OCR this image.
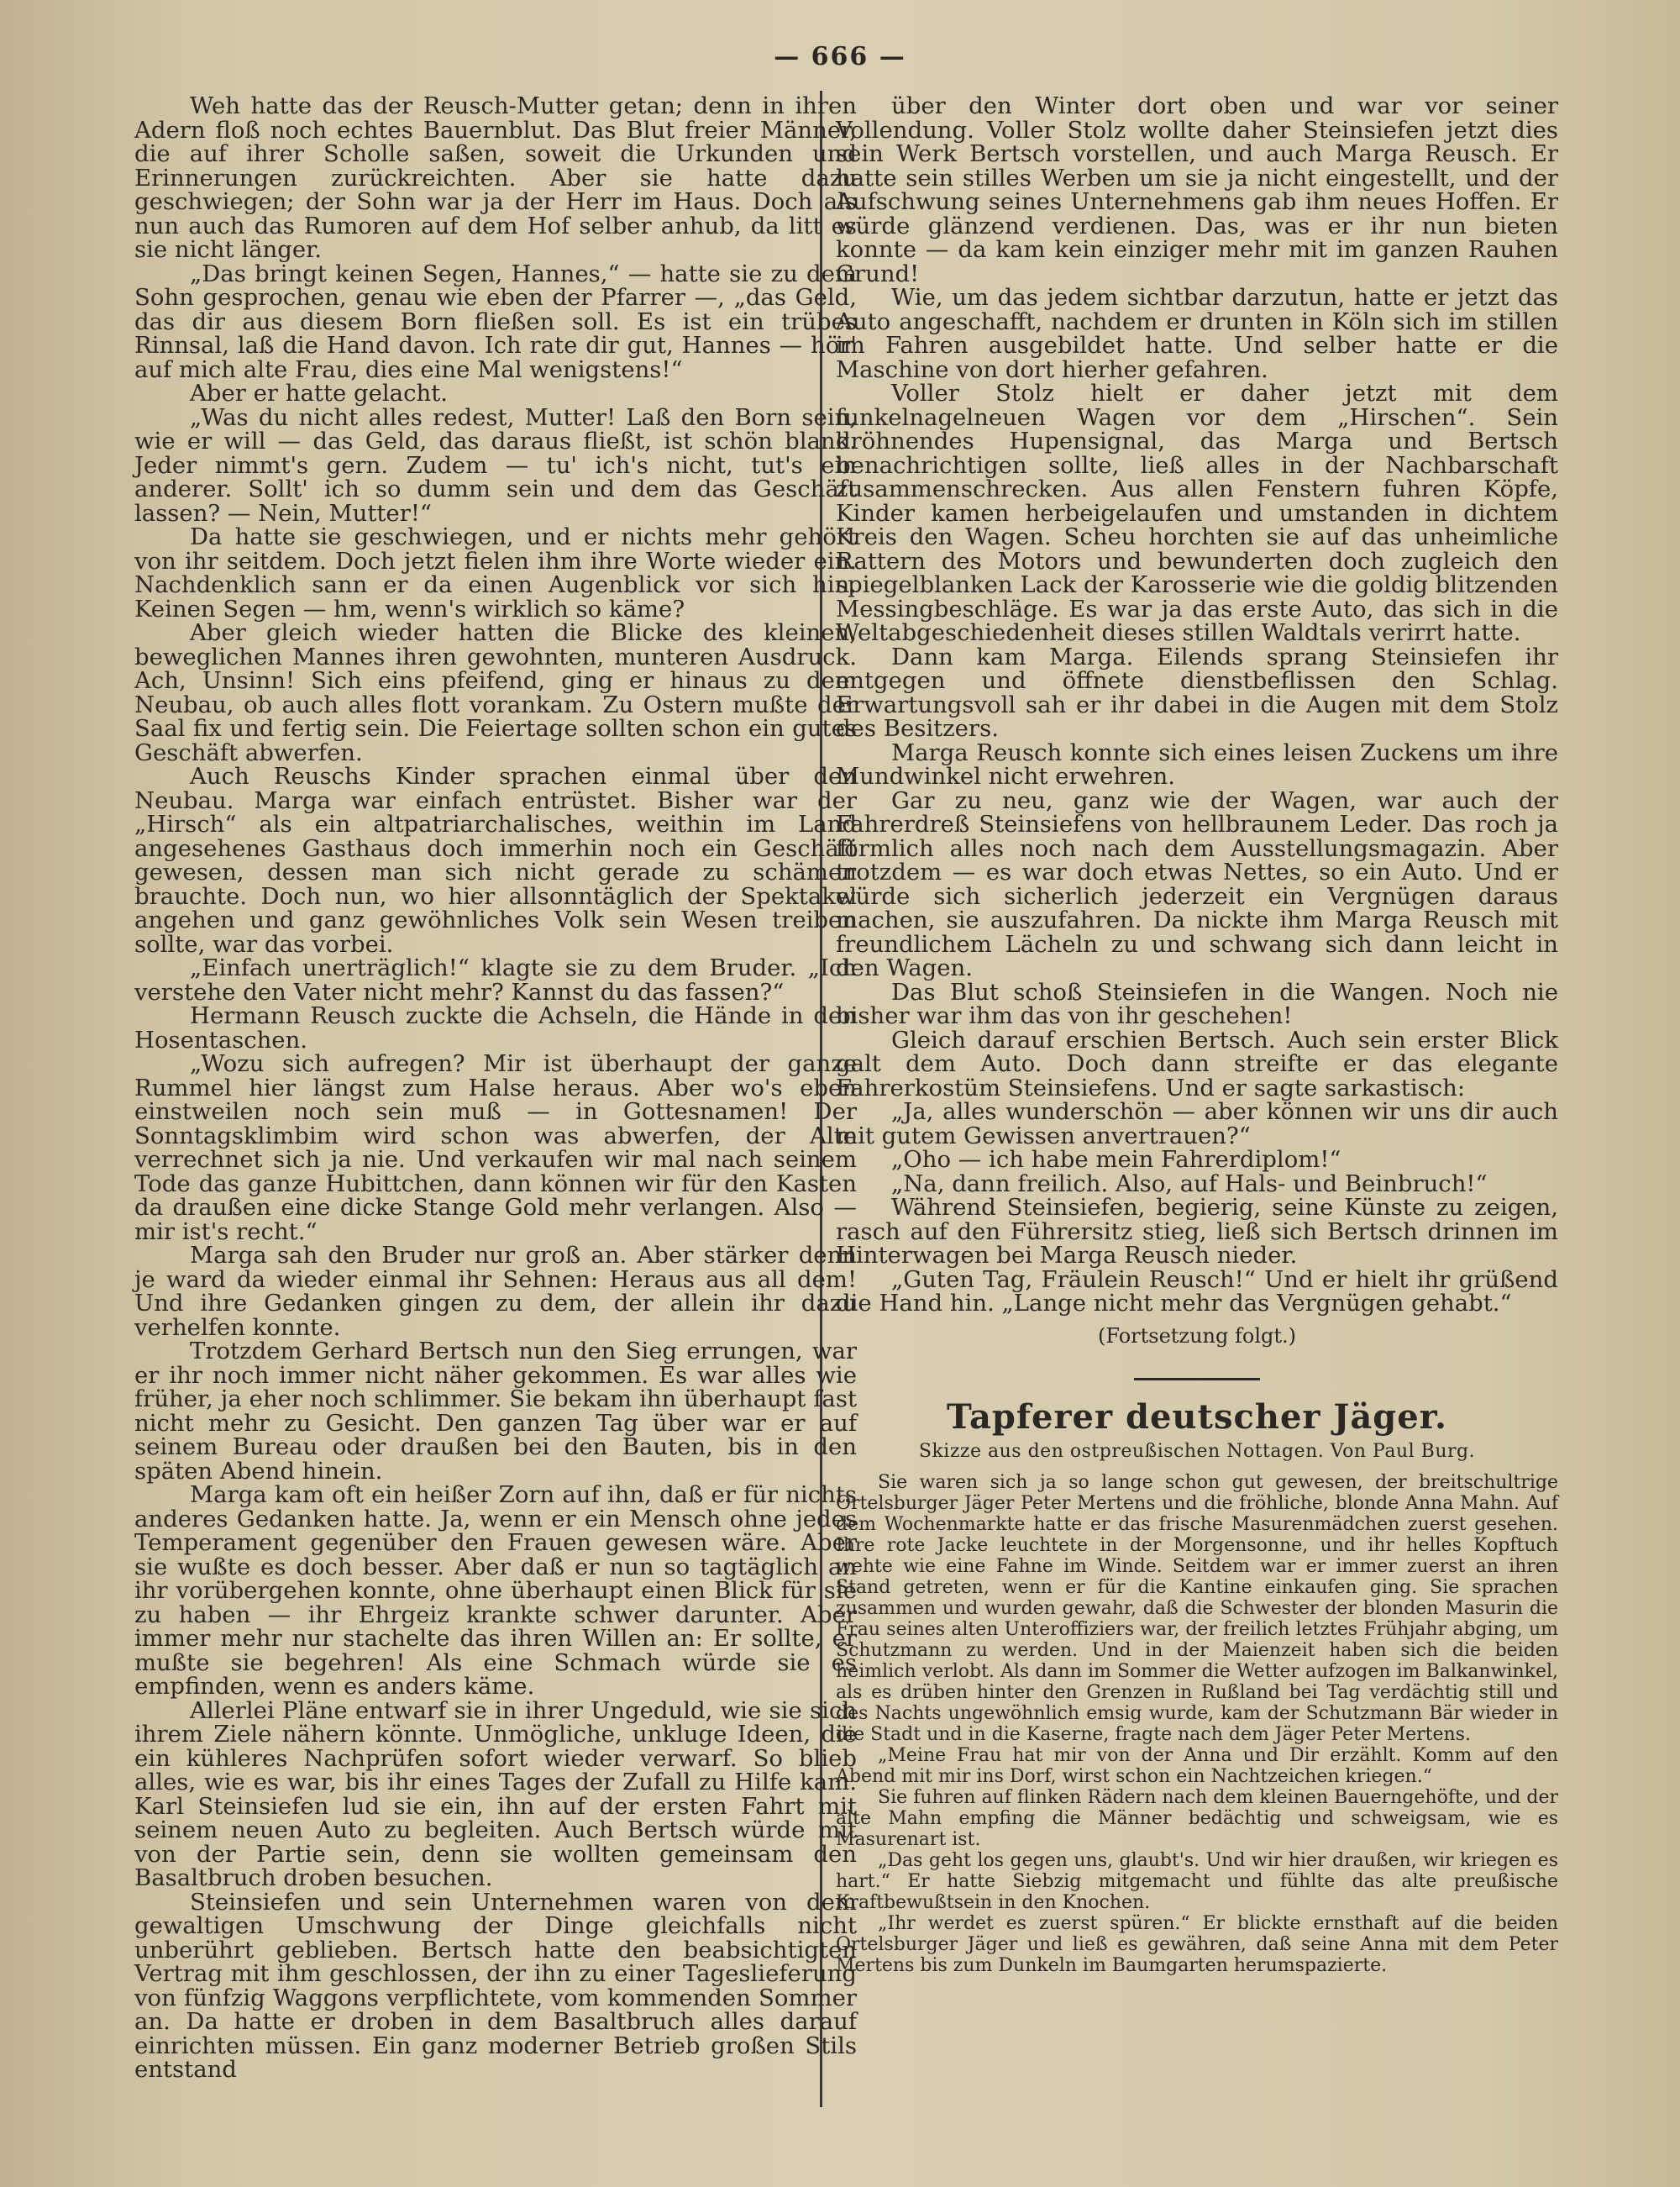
— 666 —

Weh hatte das der Reusch-Mutter getan; denn in ihren Adern floß noch echtes Bauernblut. Das Blut freier Männer, die auf ihrer Scholle saßen, soweit die Urkunden und Erinnerungen zurückreichten. Aber sie hatte dazu geschwiegen; der Sohn war ja der Herr im Haus. Doch als nun auch das Rumoren auf dem Hof selber anhub, da litt es sie nicht länger.

„Das bringt keinen Segen, Hannes,“ — hatte sie zu dem Sohn gesprochen, genau wie eben der Pfarrer —, „das Geld, das dir aus diesem Born fließen soll. Es ist ein trübes Rinnsal, laß die Hand davon. Ich rate dir gut, Hannes — hör' auf mich alte Frau, dies eine Mal wenigstens!“

Aber er hatte gelacht.

„Was du nicht alles redest, Mutter! Laß den Born sein, wie er will — das Geld, das daraus fließt, ist schön blank. Jeder nimmt's gern. Zudem — tu' ich's nicht, tut's ein anderer. Sollt' ich so dumm sein und dem das Geschäft lassen? — Nein, Mutter!“

Da hatte sie geschwiegen, und er nichts mehr gehört von ihr seitdem. Doch jetzt fielen ihm ihre Worte wieder ein. Nachdenklich sann er da einen Augenblick vor sich hin. Keinen Segen — hm, wenn's wirklich so käme?

Aber gleich wieder hatten die Blicke des kleinen, beweglichen Mannes ihren gewohnten, munteren Ausdruck. Ach, Unsinn! Sich eins pfeifend, ging er hinaus zu dem Neubau, ob auch alles flott vorankam. Zu Ostern mußte der Saal fix und fertig sein. Die Feiertage sollten schon ein gutes Geschäft abwerfen.

Auch Reuschs Kinder sprachen einmal über den Neubau. Marga war einfach entrüstet. Bisher war der „Hirsch“ als ein altpatriarchalisches, weithin im Land angesehenes Gasthaus doch immerhin noch ein Geschäft gewesen, dessen man sich nicht gerade zu schämen brauchte. Doch nun, wo hier allsonntäglich der Spektakel angehen und ganz gewöhnliches Volk sein Wesen treiben sollte, war das vorbei.

„Einfach unerträglich!“ klagte sie zu dem Bruder. „Ich verstehe den Vater nicht mehr? Kannst du das fassen?“

Hermann Reusch zuckte die Achseln, die Hände in den Hosentaschen.

„Wozu sich aufregen? Mir ist überhaupt der ganze Rummel hier längst zum Halse heraus. Aber wo's eben einstweilen noch sein muß — in Gottesnamen! Der Sonntagsklimbim wird schon was abwerfen, der Alte verrechnet sich ja nie. Und verkaufen wir mal nach seinem Tode das ganze Hubittchen, dann können wir für den Kasten da draußen eine dicke Stange Gold mehr verlangen. Also — mir ist's recht.“

Marga sah den Bruder nur groß an. Aber stärker denn je ward da wieder einmal ihr Sehnen: Heraus aus all dem! Und ihre Gedanken gingen zu dem, der allein ihr dazu verhelfen konnte.

Trotzdem Gerhard Bertsch nun den Sieg errungen, war er ihr noch immer nicht näher gekommen. Es war alles wie früher, ja eher noch schlimmer. Sie bekam ihn überhaupt fast nicht mehr zu Gesicht. Den ganzen Tag über war er auf seinem Bureau oder draußen bei den Bauten, bis in den späten Abend hinein.

Marga kam oft ein heißer Zorn auf ihn, daß er für nichts anderes Gedanken hatte. Ja, wenn er ein Mensch ohne jedes Temperament gegenüber den Frauen gewesen wäre. Aber sie wußte es doch besser. Aber daß er nun so tagtäglich an ihr vorübergehen konnte, ohne überhaupt einen Blick für sie zu haben — ihr Ehrgeiz krankte schwer darunter. Aber immer mehr nur stachelte das ihren Willen an: Er sollte, er mußte sie begehren! Als eine Schmach würde sie es empfinden, wenn es anders käme.

Allerlei Pläne entwarf sie in ihrer Ungeduld, wie sie sich ihrem Ziele nähern könnte. Unmögliche, unkluge Ideen, die ein kühleres Nachprüfen sofort wieder verwarf. So blieb alles, wie es war, bis ihr eines Tages der Zufall zu Hilfe kam. Karl Steinsiefen lud sie ein, ihn auf der ersten Fahrt mit seinem neuen Auto zu begleiten. Auch Bertsch würde mit von der Partie sein, denn sie wollten gemeinsam den Basaltbruch droben besuchen.

Steinsiefen und sein Unternehmen waren von dem gewaltigen Umschwung der Dinge gleichfalls nicht unberührt geblieben. Bertsch hatte den beabsichtigten Vertrag mit ihm geschlossen, der ihn zu einer Tageslieferung von fünfzig Waggons verpflichtete, vom kommenden Sommer an. Da hatte er droben in dem Basaltbruch alles darauf einrichten müssen. Ein ganz moderner Betrieb großen Stils entstand

über den Winter dort oben und war vor seiner Vollendung. Voller Stolz wollte daher Steinsiefen jetzt dies sein Werk Bertsch vorstellen, und auch Marga Reusch. Er hatte sein stilles Werben um sie ja nicht eingestellt, und der Aufschwung seines Unternehmens gab ihm neues Hoffen. Er würde glänzend verdienen. Das, was er ihr nun bieten konnte — da kam kein einziger mehr mit im ganzen Rauhen Grund!

Wie, um das jedem sichtbar darzutun, hatte er jetzt das Auto angeschafft, nachdem er drunten in Köln sich im stillen im Fahren ausgebildet hatte. Und selber hatte er die Maschine von dort hierher gefahren.

Voller Stolz hielt er daher jetzt mit dem funkelnagelneuen Wagen vor dem „Hirschen“. Sein dröhnendes Hupensignal, das Marga und Bertsch benachrichtigen sollte, ließ alles in der Nachbarschaft zusammenschrecken. Aus allen Fenstern fuhren Köpfe, Kinder kamen herbeigelaufen und umstanden in dichtem Kreis den Wagen. Scheu horchten sie auf das unheimliche Rattern des Motors und bewunderten doch zugleich den spiegelblanken Lack der Karosserie wie die goldig blitzenden Messingbeschläge. Es war ja das erste Auto, das sich in die Weltabgeschiedenheit dieses stillen Waldtals verirrt hatte.

Dann kam Marga. Eilends sprang Steinsiefen ihr entgegen und öffnete dienstbeflissen den Schlag. Erwartungsvoll sah er ihr dabei in die Augen mit dem Stolz des Besitzers.

Marga Reusch konnte sich eines leisen Zuckens um ihre Mundwinkel nicht erwehren.

Gar zu neu, ganz wie der Wagen, war auch der Fahrerdreß Steinsiefens von hellbraunem Leder. Das roch ja förmlich alles noch nach dem Ausstellungsmagazin. Aber trotzdem — es war doch etwas Nettes, so ein Auto. Und er würde sich sicherlich jederzeit ein Vergnügen daraus machen, sie auszufahren. Da nickte ihm Marga Reusch mit freundlichem Lächeln zu und schwang sich dann leicht in den Wagen.

Das Blut schoß Steinsiefen in die Wangen. Noch nie bisher war ihm das von ihr geschehen!

Gleich darauf erschien Bertsch. Auch sein erster Blick galt dem Auto. Doch dann streifte er das elegante Fahrerkostüm Steinsiefens. Und er sagte sarkastisch:

„Ja, alles wunderschön — aber können wir uns dir auch mit gutem Gewissen anvertrauen?“

„Oho — ich habe mein Fahrerdiplom!“

„Na, dann freilich. Also, auf Hals- und Beinbruch!“

Während Steinsiefen, begierig, seine Künste zu zeigen, rasch auf den Führersitz stieg, ließ sich Bertsch drinnen im Hinterwagen bei Marga Reusch nieder.

„Guten Tag, Fräulein Reusch!“ Und er hielt ihr grüßend die Hand hin. „Lange nicht mehr das Vergnügen gehabt.“

(Fortsetzung folgt.)

Tapferer deutscher Jäger.
Skizze aus den ostpreußischen Nottagen. Von Paul Burg.

Sie waren sich ja so lange schon gut gewesen, der breitschultrige Ortelsburger Jäger Peter Mertens und die fröhliche, blonde Anna Mahn. Auf dem Wochenmarkte hatte er das frische Masurenmädchen zuerst gesehen. Ihre rote Jacke leuchtete in der Morgensonne, und ihr helles Kopftuch wehte wie eine Fahne im Winde. Seitdem war er immer zuerst an ihren Stand getreten, wenn er für die Kantine einkaufen ging. Sie sprachen zusammen und wurden gewahr, daß die Schwester der blonden Masurin die Frau seines alten Unteroffiziers war, der freilich letztes Frühjahr abging, um Schutzmann zu werden. Und in der Maienzeit haben sich die beiden heimlich verlobt. Als dann im Sommer die Wetter aufzogen im Balkanwinkel, als es drüben hinter den Grenzen in Rußland bei Tag verdächtig still und des Nachts ungewöhnlich emsig wurde, kam der Schutzmann Bär wieder in die Stadt und in die Kaserne, fragte nach dem Jäger Peter Mertens.

„Meine Frau hat mir von der Anna und Dir erzählt. Komm auf den Abend mit mir ins Dorf, wirst schon ein Nachtzeichen kriegen.“

Sie fuhren auf flinken Rädern nach dem kleinen Bauerngehöfte, und der alte Mahn empfing die Männer bedächtig und schweigsam, wie es Masurenart ist.

„Das geht los gegen uns, glaubt's. Und wir hier draußen, wir kriegen es hart.“ Er hatte Siebzig mitgemacht und fühlte das alte preußische Kraftbewußtsein in den Knochen.

„Ihr werdet es zuerst spüren.“ Er blickte ernsthaft auf die beiden Ortelsburger Jäger und ließ es gewähren, daß seine Anna mit dem Peter Mertens bis zum Dunkeln im Baumgarten herumspazierte.
